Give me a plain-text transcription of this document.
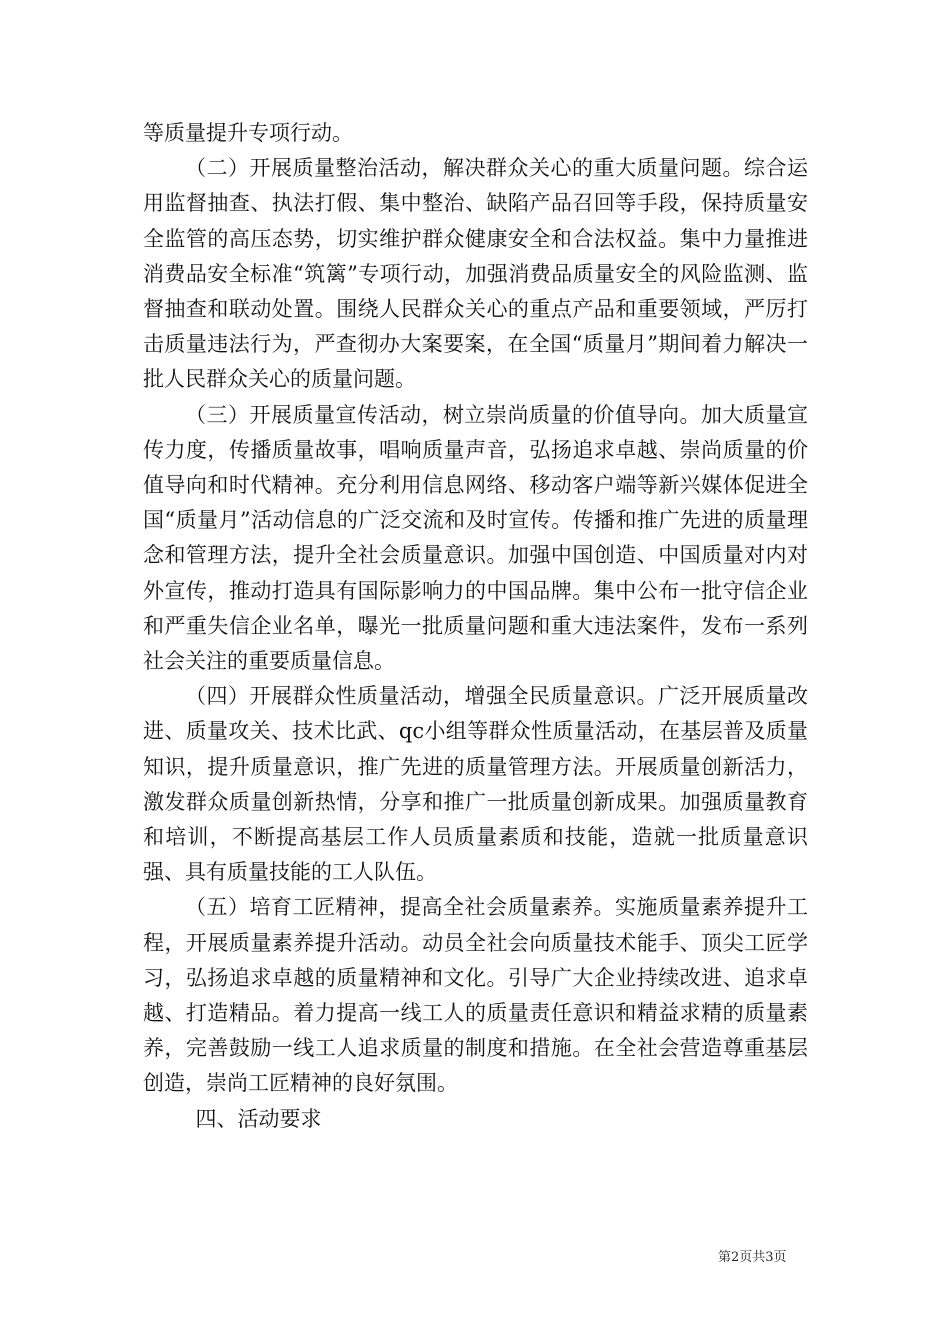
等质量提升专项行动。

（二）开展质量整治活动，解决群众关心的重大质量问题。综合运用监督抽查、执法打假、集中整治、缺陷产品召回等手段，保持质量安全监管的高压态势，切实维护群众健康安全和合法权益。集中力量推进消费品安全标准“筑篱”专项行动，加强消费品质量安全的风险监测、监督抽查和联动处置。围绕人民群众关心的重点产品和重要领域，严厉打击质量违法行为，严查彻办大案要案，在全国“质量月”期间着力解决一批人民群众关心的质量问题。

（三）开展质量宣传活动，树立崇尚质量的价值导向。加大质量宣传力度，传播质量故事，唱响质量声音，弘扬追求卓越、崇尚质量的价值导向和时代精神。充分利用信息网络、移动客户端等新兴媒体促进全国“质量月”活动信息的广泛交流和及时宣传。传播和推广先进的质量理念和管理方法，提升全社会质量意识。加强中国创造、中国质量对内对外宣传，推动打造具有国际影响力的中国品牌。集中公布一批守信企业和严重失信企业名单，曝光一批质量问题和重大违法案件，发布一系列社会关注的重要质量信息。

（四）开展群众性质量活动，增强全民质量意识。广泛开展质量改进、质量攻关、技术比武、qc小组等群众性质量活动，在基层普及质量知识，提升质量意识，推广先进的质量管理方法。开展质量创新活力，激发群众质量创新热情，分享和推广一批质量创新成果。加强质量教育和培训，不断提高基层工作人员质量素质和技能，造就一批质量意识强、具有质量技能的工人队伍。

（五）培育工匠精神，提高全社会质量素养。实施质量素养提升工程，开展质量素养提升活动。动员全社会向质量技术能手、顶尖工匠学习，弘扬追求卓越的质量精神和文化。引导广大企业持续改进、追求卓越、打造精品。着力提高一线工人的质量责任意识和精益求精的质量素养，完善鼓励一线工人追求质量的制度和措施。在全社会营造尊重基层创造，崇尚工匠精神的良好氛围。

四、活动要求

第2页共3页
